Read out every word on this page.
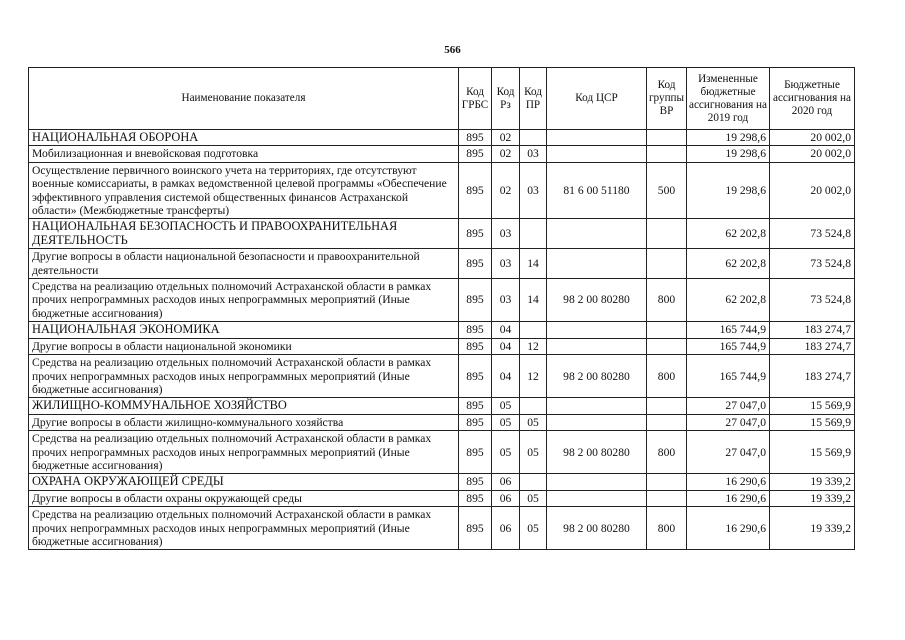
566
Наименование показателя	Код ГРБС	Код Рз	Код ПР	Код ЦСР	Код группы ВР	Измененные бюджетные ассигнования на 2019 год	Бюджетные ассигнования на 2020 год
НАЦИОНАЛЬНАЯ ОБОРОНА	895	02				19 298,6	20 002,0
Мобилизационная и вневойсковая подготовка	895	02	03			19 298,6	20 002,0
Осуществление первичного воинского учета на территориях, где отсутствуют военные комиссариаты, в рамках ведомственной целевой программы «Обеспечение эффективного управления системой общественных финансов Астраханской области» (Межбюджетные трансферты)	895	02	03	81 6 00 51180	500	19 298,6	20 002,0
НАЦИОНАЛЬНАЯ БЕЗОПАСНОСТЬ И ПРАВООХРАНИТЕЛЬНАЯ ДЕЯТЕЛЬНОСТЬ	895	03				62 202,8	73 524,8
Другие вопросы в области национальной безопасности и правоохранительной деятельности	895	03	14			62 202,8	73 524,8
Средства на реализацию отдельных полномочий Астраханской области в рамках прочих непрограммных расходов иных непрограммных мероприятий (Иные бюджетные ассигнования)	895	03	14	98 2 00 80280	800	62 202,8	73 524,8
НАЦИОНАЛЬНАЯ ЭКОНОМИКА	895	04				165 744,9	183 274,7
Другие вопросы в области национальной экономики	895	04	12			165 744,9	183 274,7
Средства на реализацию отдельных полномочий Астраханской области в рамках прочих непрограммных расходов иных непрограммных мероприятий (Иные бюджетные ассигнования)	895	04	12	98 2 00 80280	800	165 744,9	183 274,7
ЖИЛИЩНО-КОММУНАЛЬНОЕ ХОЗЯЙСТВО	895	05				27 047,0	15 569,9
Другие вопросы в области жилищно-коммунального хозяйства	895	05	05			27 047,0	15 569,9
Средства на реализацию отдельных полномочий Астраханской области в рамках прочих непрограммных расходов иных непрограммных мероприятий (Иные бюджетные ассигнования)	895	05	05	98 2 00 80280	800	27 047,0	15 569,9
ОХРАНА ОКРУЖАЮЩЕЙ СРЕДЫ	895	06				16 290,6	19 339,2
Другие вопросы в области охраны окружающей среды	895	06	05			16 290,6	19 339,2
Средства на реализацию отдельных полномочий Астраханской области в рамках прочих непрограммных расходов иных непрограммных мероприятий (Иные бюджетные ассигнования)	895	06	05	98 2 00 80280	800	16 290,6	19 339,2
